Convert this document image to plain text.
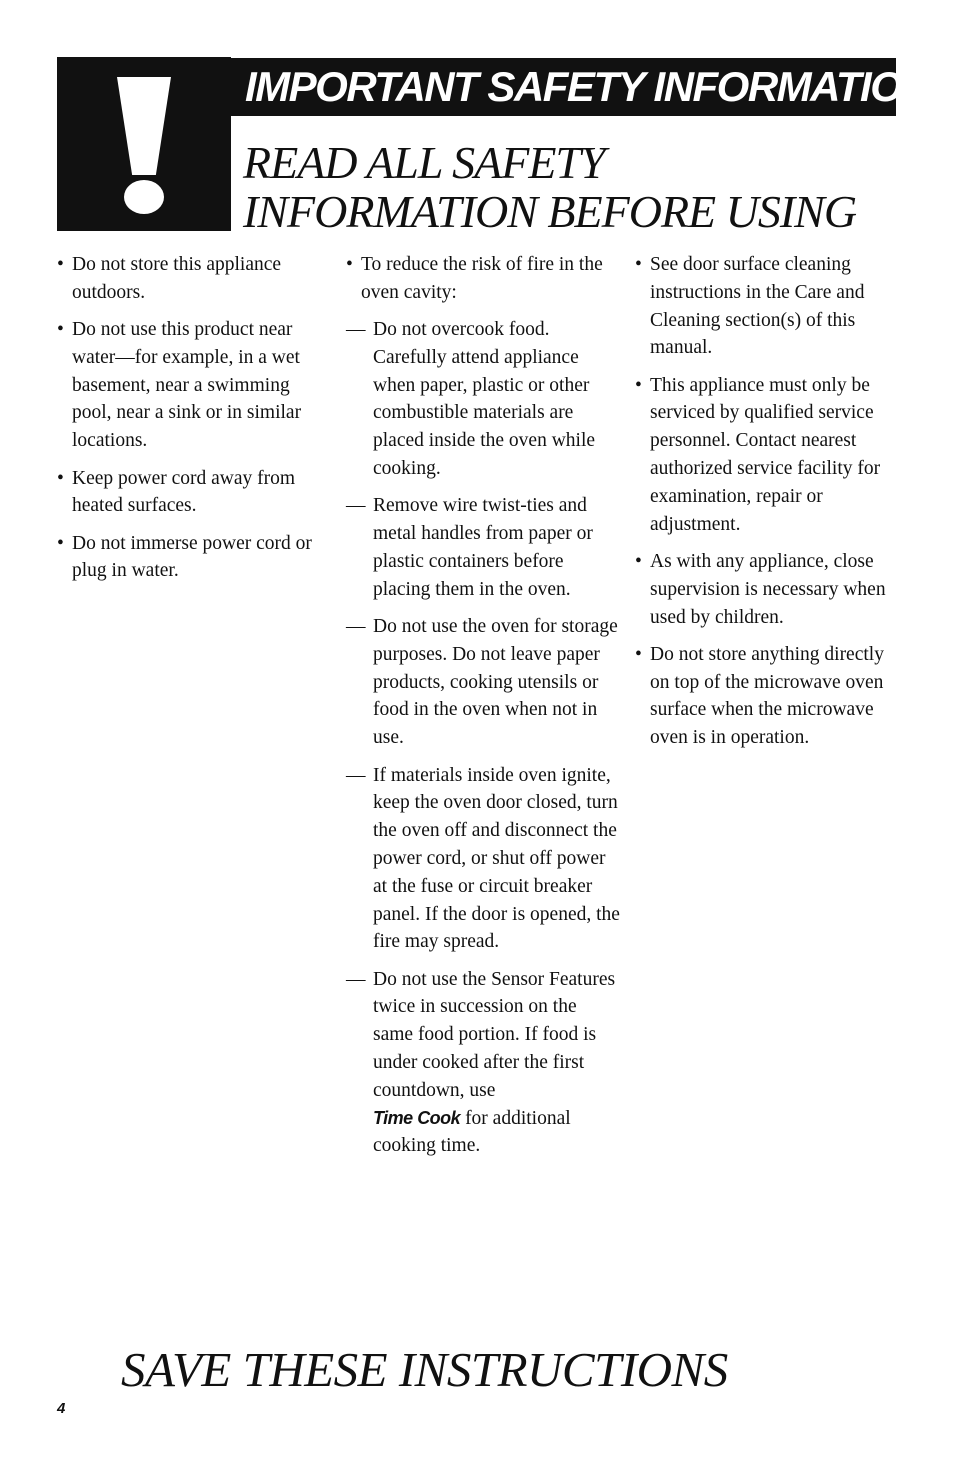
IMPORTANT SAFETY INFORMATION
READ ALL SAFETY
INFORMATION BEFORE USING
• Do not store this appliance outdoors.
• Do not use this product near water—for example, in a wet basement, near a swimming pool, near a sink or in similar locations.
• Keep power cord away from heated surfaces.
• Do not immerse power cord or plug in water.
• To reduce the risk of fire in the oven cavity:
— Do not overcook food. Carefully attend appliance when paper, plastic or other combustible materials are placed inside the oven while cooking.
— Remove wire twist-ties and metal handles from paper or plastic containers before placing them in the oven.
— Do not use the oven for storage purposes. Do not leave paper products, cooking utensils or food in the oven when not in use.
— If materials inside oven ignite, keep the oven door closed, turn the oven off and disconnect the power cord, or shut off power at the fuse or circuit breaker panel. If the door is opened, the fire may spread.
— Do not use the Sensor Features twice in succession on the same food portion. If food is under cooked after the first countdown, use
Time Cook for additional cooking time.
• See door surface cleaning instructions in the Care and Cleaning section(s) of this manual.
• This appliance must only be serviced by qualified service personnel. Contact nearest authorized service facility for examination, repair or adjustment.
• As with any appliance, close supervision is necessary when used by children.
• Do not store anything directly on top of the microwave oven surface when the microwave oven is in operation.
SAVE THESE INSTRUCTIONS
4
